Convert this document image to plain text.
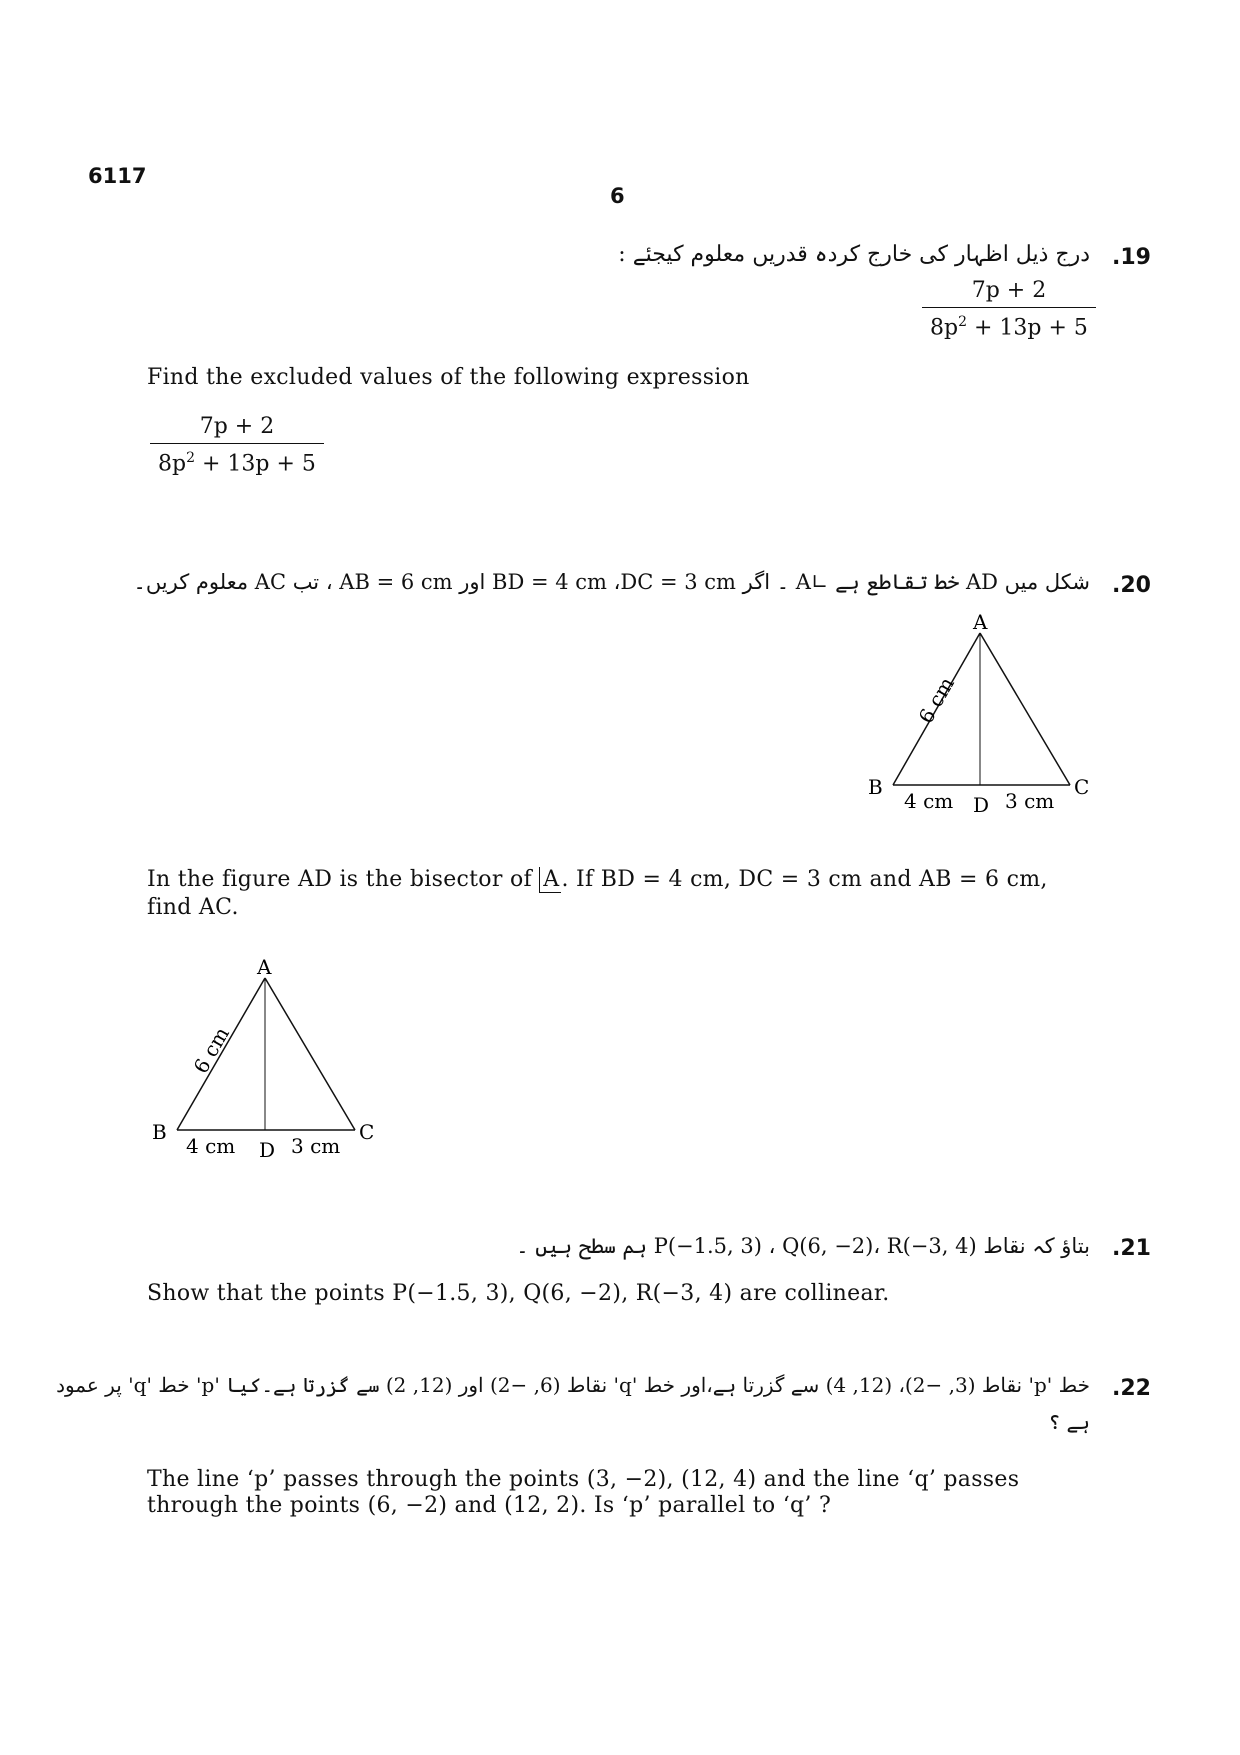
6117
6
.19
درج ذیل اظہار کی خارج کردہ قدریں معلوم کیجئے :
$\frac{7p + 2}{8p^2 + 13p + 5}$
Find the excluded values of the following expression
$\frac{7p + 2}{8p^2 + 13p + 5}$
.20
شکل میں AD خط تقاطع ہے ∟A ۔ اگر BD = 4 cm ،DC = 3 cm اور AB = 6 cm ، تب AC معلوم کریں۔
A
B	C
D
4 cm	3 cm
6 cm
In the figure AD is the bisector of A. If BD = 4 cm, DC = 3 cm and AB = 6 cm, find AC.
A
B	C
D
4 cm	3 cm
6 cm
.21
بتاؤ کہ نقاط P(−1.5, 3) ، Q(6, −2)، R(−3, 4) ہم سطح ہیں ۔
Show that the points P(−1.5, 3), Q(6, −2), R(−3, 4) are collinear.
.22
خط 'p' نقاط (3, −2)، (12, 4) سے گزرتا ہے،اور خط 'q' نقاط (6, −2) اور (12, 2) سے گزرتا ہے۔کیا 'p' خط 'q' پر عمود
ہے ؟
The line ‘p’ passes through the points (3, −2), (12, 4) and the line ‘q’ passes
through the points (6, −2) and (12, 2). Is ‘p’ parallel to ‘q’ ?
